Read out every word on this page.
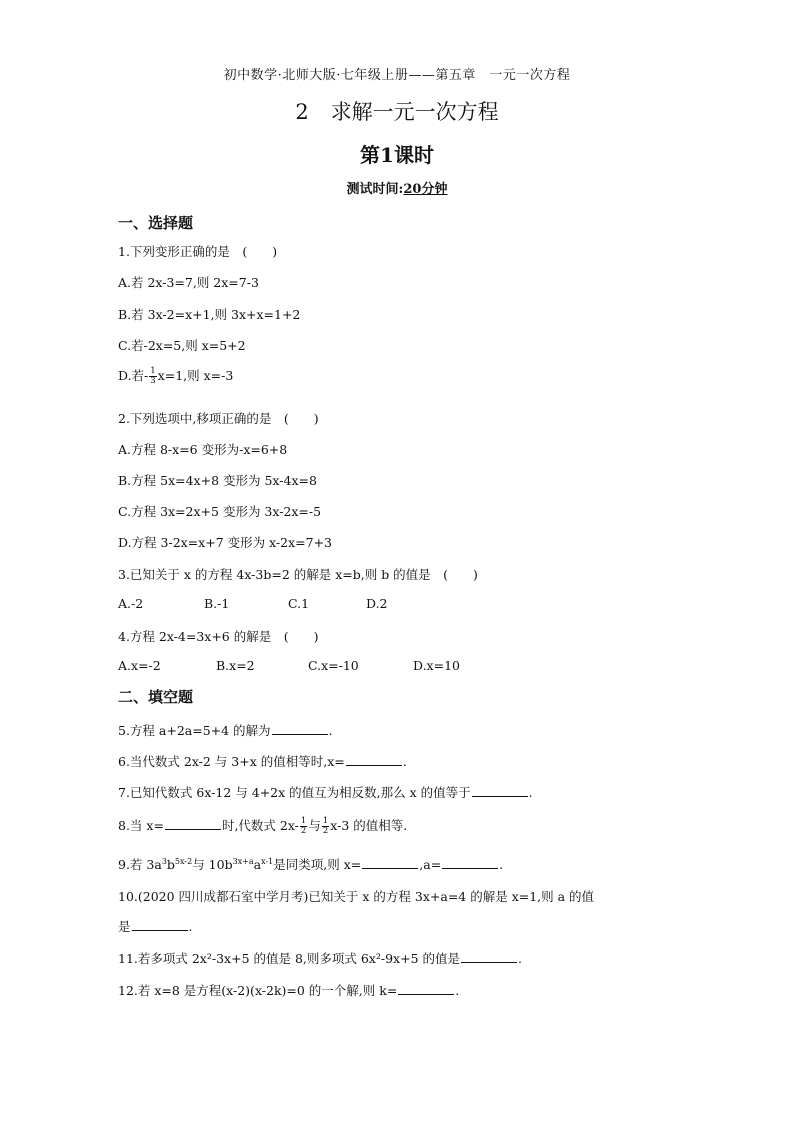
初中数学·北师大版·七年级上册——第五章　一元一次方程
2 求解一元一次方程
第1课时
测试时间:20分钟
一、选择题
1.下列变形正确的是　(　　)
A.若 2x-3=7,则 2x=7-3
B.若 3x-2=x+1,则 3x+x=1+2
C.若-2x=5,则 x=5+2
D.若- $\frac{1}{3} x=1$,则 x=-3
2.下列选项中,移项正确的是　(　　)
A.方程 8-x=6 变形为-x=6+8
B.方程 5x=4x+8 变形为 5x-4x=8
C.方程 3x=2x+5 变形为 3x-2x=-5
D.方程 3-2x=x+7 变形为 x-2x=7+3
3.已知关于 x 的方程 4x-3b=2 的解是 x=b,则 b 的值是　(　　)
A.-2	B.-1	C.1	D.2
4.方程 2x-4=3x+6 的解是　(　　)
A.x=-2	B.x=2	C.x=-10	D.x=10
二、填空题
5.方程 a+2a=5+4 的解为	.
6.当代数式 2x-2 与 3+x 的值相等时,x=	.
7.已知代数式 6x-12 与 4+2x 的值互为相反数,那么 x 的值等于	.
8.当 x=	时,代数式 $2x- \frac{1}{2}$ 与 $\frac{1}{2} x-3$ 的值相等.
9.若 $3a^3b^{5x-2}$与 $10b^{3x+a}a^{x-1}$是同类项,则 x=	,a=	.
10.(2020 四川成都石室中学月考)已知关于 x 的方程 3x+a=4 的解是 x=1,则 a 的值
是	.
11.若多项式 2x²-3x+5 的值是 8,则多项式 6x²-9x+5 的值是	.
12.若 x=8 是方程(x-2)(x-2k)=0 的一个解,则 k=	.
